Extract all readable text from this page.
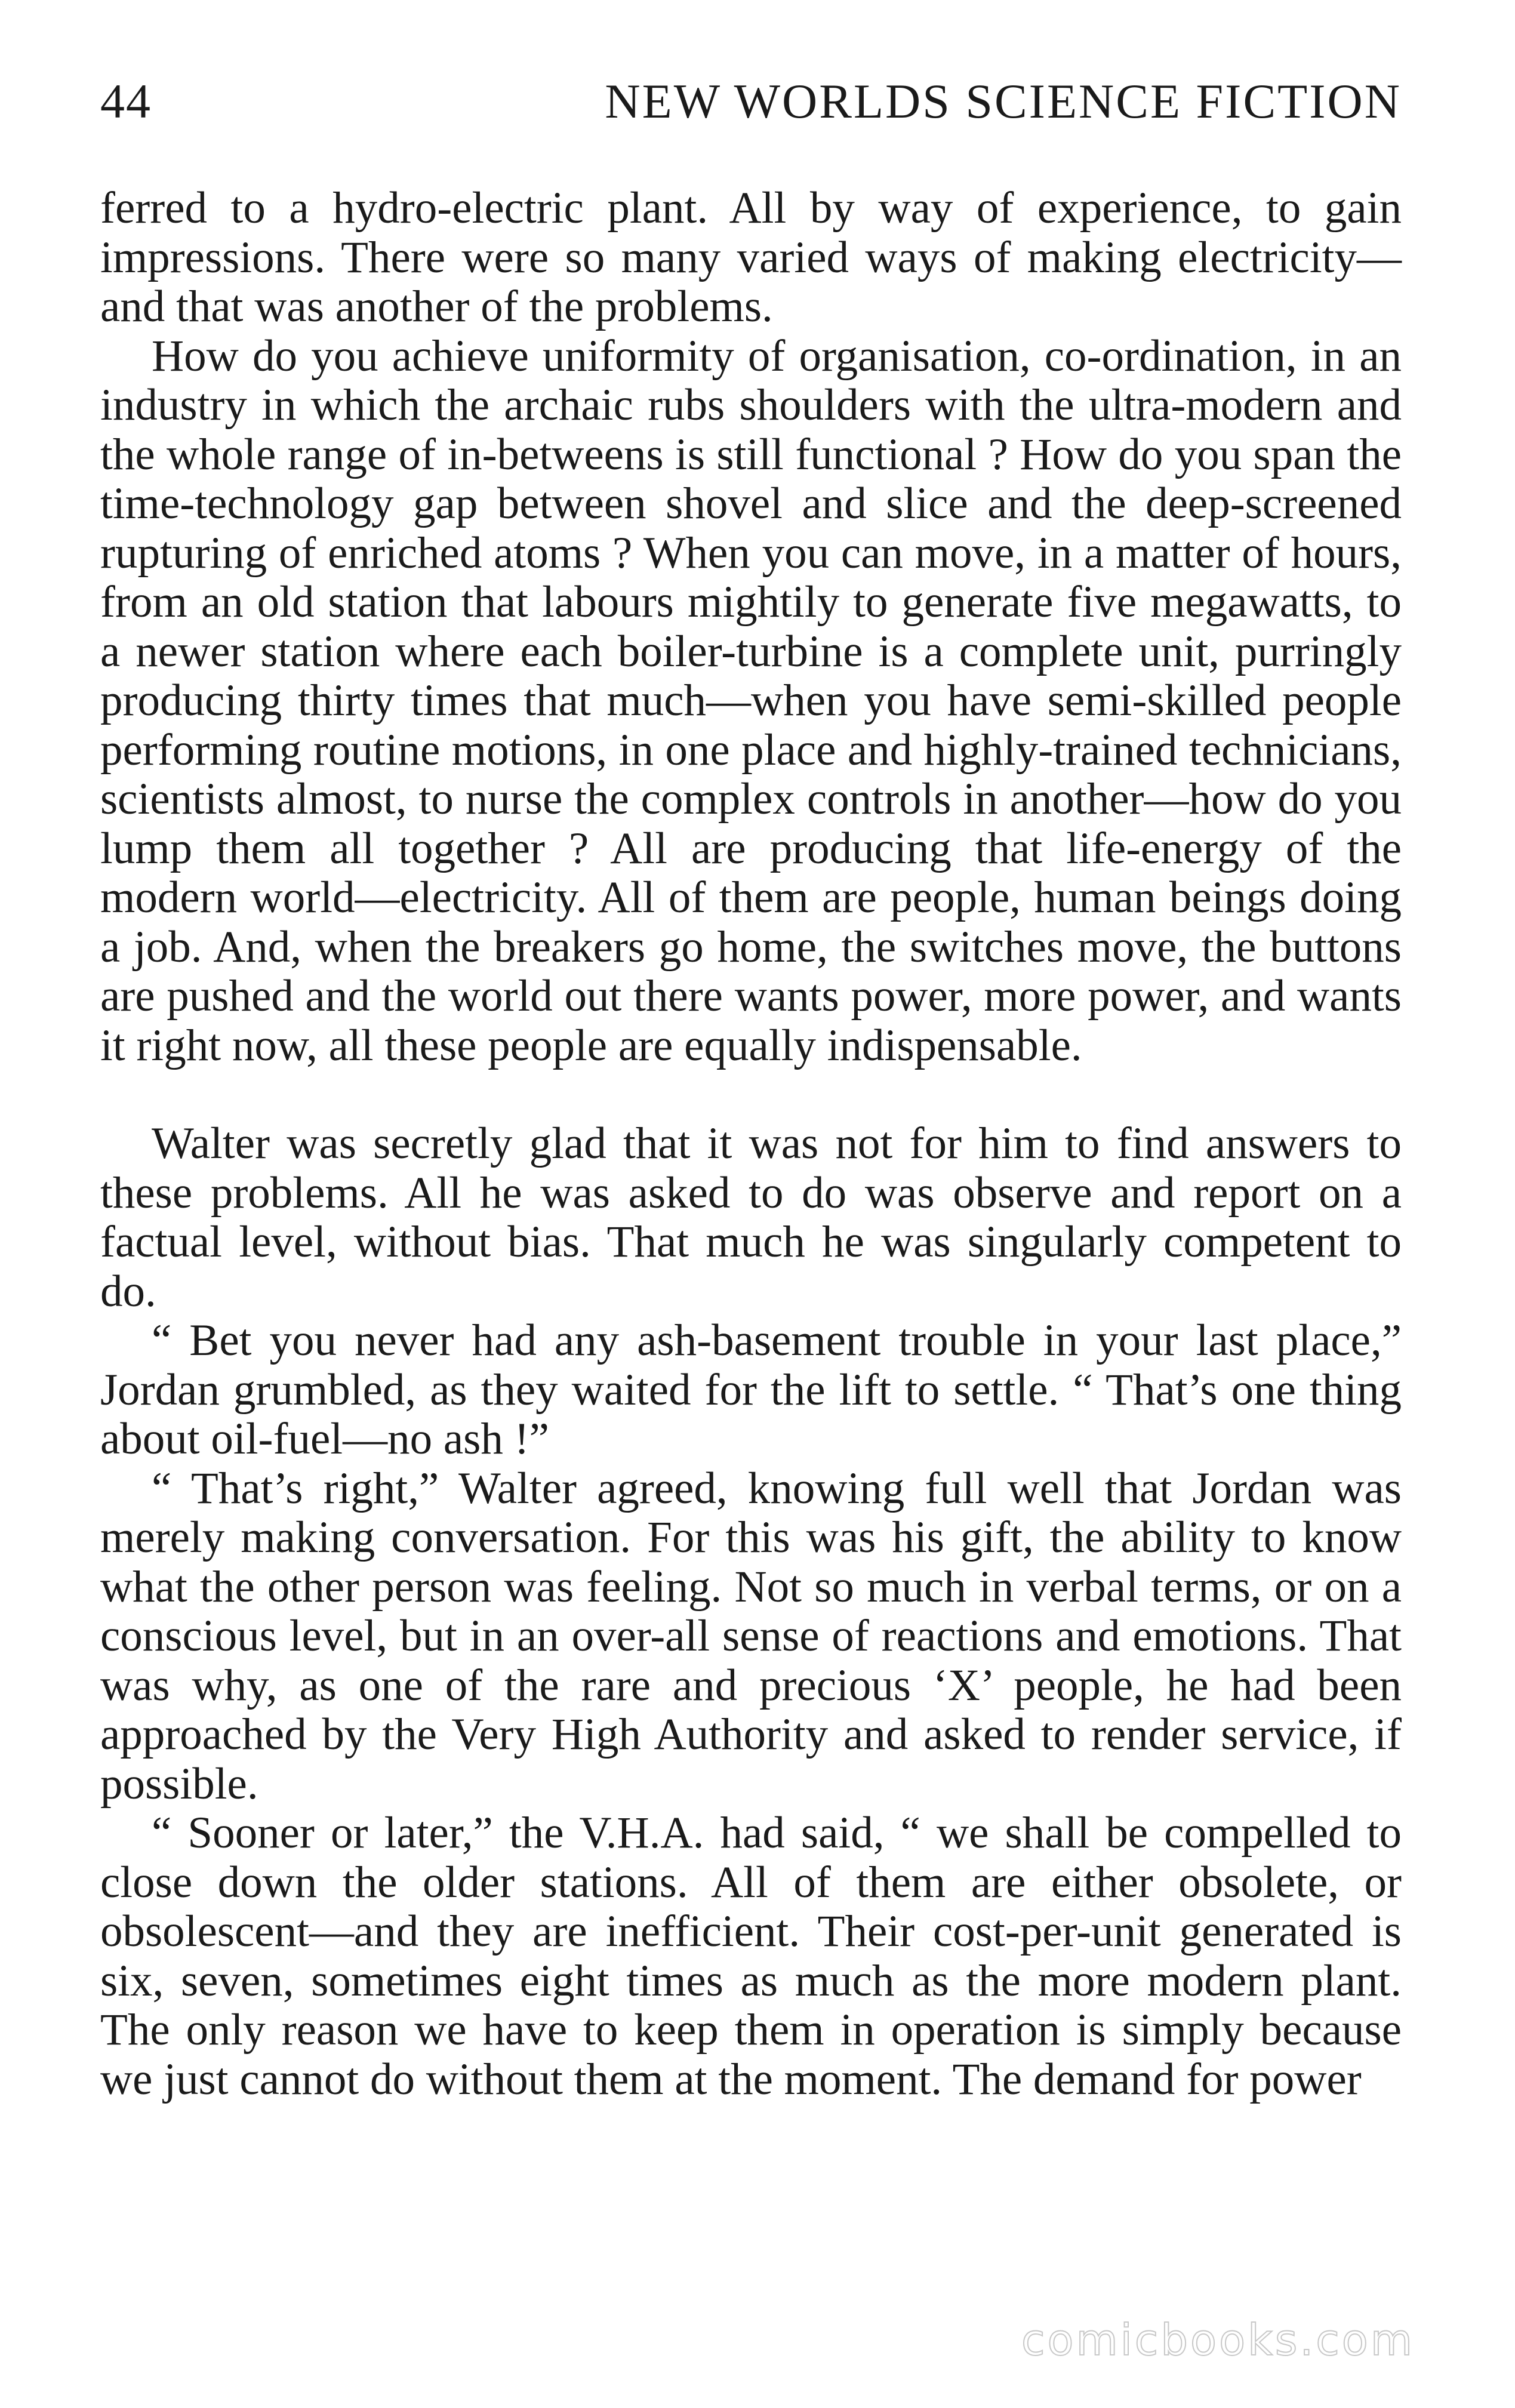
44	NEW WORLDS SCIENCE FICTION

ferred to a hydro-electric plant. All by way of experience, to gain impressions. There were so many varied ways of making electricity—and that was another of the problems.

How do you achieve uniformity of organisation, co-ordination, in an industry in which the archaic rubs shoulders with the ultra-modern and the whole range of in-betweens is still functional ? How do you span the time-technology gap between shovel and slice and the deep-screened rupturing of enriched atoms ? When you can move, in a matter of hours, from an old station that labours mightily to generate five megawatts, to a newer station where each boiler-turbine is a complete unit, purringly producing thirty times that much—when you have semi-skilled people performing routine motions, in one place and highly-trained technicians, scientists almost, to nurse the complex controls in another—how do you lump them all together ? All are producing that life-energy of the modern world—electricity. All of them are people, human beings doing a job. And, when the breakers go home, the switches move, the buttons are pushed and the world out there wants power, more power, and wants it right now, all these people are equally indispensable.

Walter was secretly glad that it was not for him to find answers to these problems. All he was asked to do was observe and report on a factual level, without bias. That much he was singularly competent to do.

“ Bet you never had any ash-basement trouble in your last place,” Jordan grumbled, as they waited for the lift to settle. “ That’s one thing about oil-fuel—no ash !”

“ That’s right,” Walter agreed, knowing full well that Jordan was merely making conversation. For this was his gift, the ability to know what the other person was feeling. Not so much in verbal terms, or on a conscious level, but in an over-all sense of reactions and emotions. That was why, as one of the rare and precious ‘X’ people, he had been approached by the Very High Authority and asked to render service, if possible.

“ Sooner or later,” the V.H.A. had said, “ we shall be compelled to close down the older stations. All of them are either obsolete, or obsolescent—and they are inefficient. Their cost-per-unit generated is six, seven, sometimes eight times as much as the more modern plant. The only reason we have to keep them in operation is simply because we just cannot do without them at the moment. The demand for power

comicbooks.com
